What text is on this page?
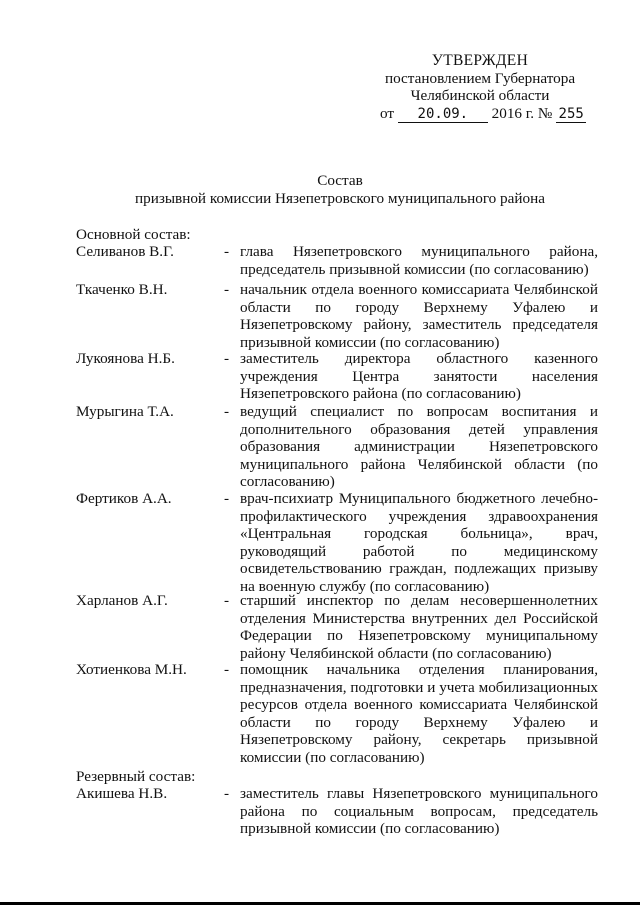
УТВЕРЖДЕН
постановлением Губернатора
Челябинской области
от 20.09. 2016 г. № 255
Состав
призывной комиссии Нязепетровского муниципального района
Основной состав:
Селиванов В.Г.	- глава Нязепетровского муниципального района, председатель призывной комиссии (по согласованию)
Ткаченко В.Н.	- начальник отдела военного комиссариата Челябинской области по городу Верхнему Уфалею и Нязепетровскому району, заместитель председателя призывной комиссии (по согласованию)
Лукоянова Н.Б.	- заместитель директора областного казенного учреждения Центра занятости населения Нязепетровского района (по согласованию)
Мурыгина Т.А.	- ведущий специалист по вопросам воспитания и дополнительного образования детей управления образования администрации Нязепетровского муниципального района Челябинской области (по согласованию)
Фертиков А.А.	- врач-психиатр Муниципального бюджетного лечебно-профилактического учреждения здравоохранения «Центральная городская больница», врач, руководящий работой по медицинскому освидетельствованию граждан, подлежащих призыву на военную службу (по согласованию)
Харланов А.Г.	- старший инспектор по делам несовершеннолетних отделения Министерства внутренних дел Российской Федерации по Нязепетровскому муниципальному району Челябинской области (по согласованию)
Хотиенкова М.Н.	- помощник начальника отделения планирования, предназначения, подготовки и учета мобилизационных ресурсов отдела военного комиссариата Челябинской области по городу Верхнему Уфалею и Нязепетровскому району, секретарь призывной комиссии (по согласованию)
Резервный состав:
Акишева Н.В.	- заместитель главы Нязепетровского муниципального района по социальным вопросам, председатель призывной комиссии (по согласованию)
